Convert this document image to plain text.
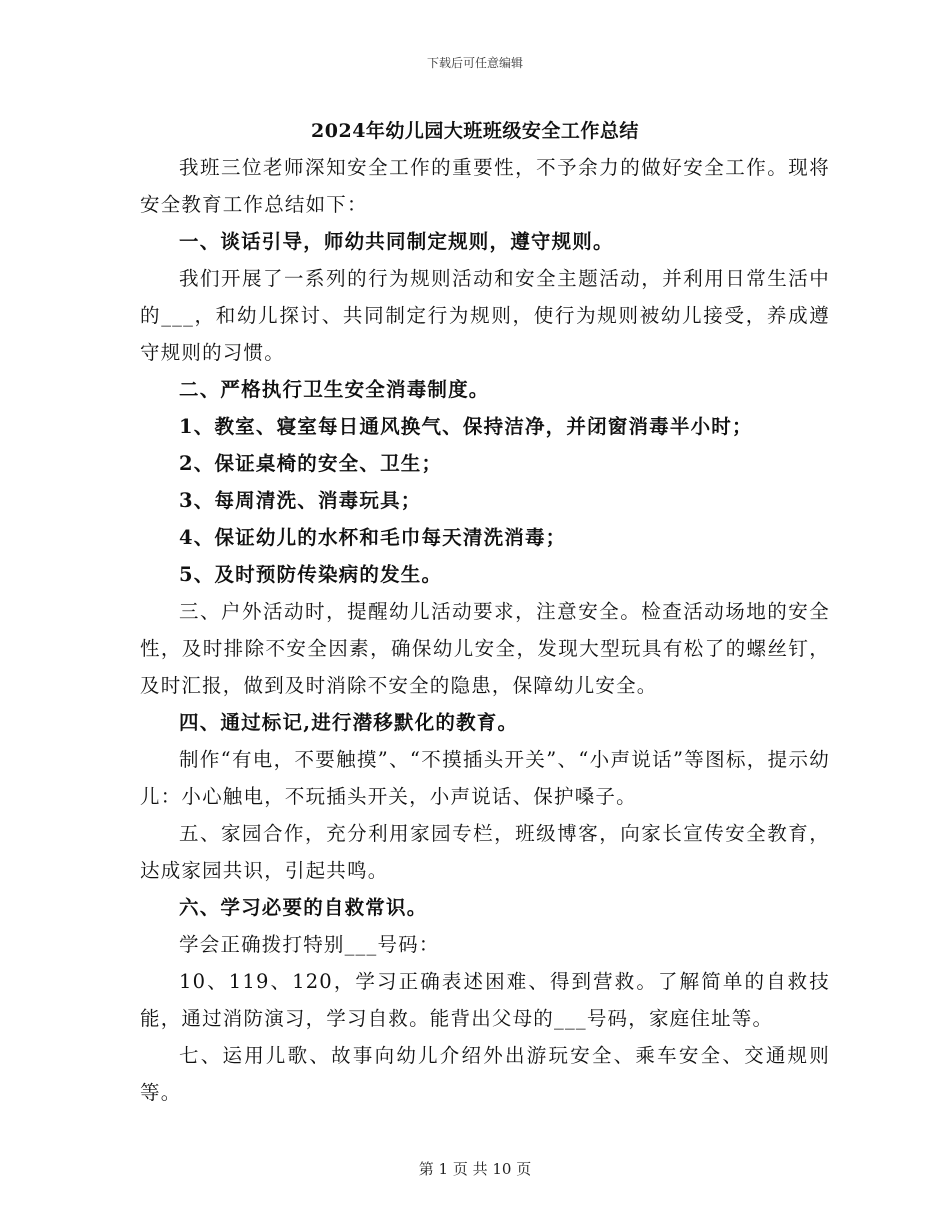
下载后可任意编辑
2024年幼儿园大班班级安全工作总结

我班三位老师深知安全工作的重要性，不予余力的做好安全工作。现将安全教育工作总结如下：

一、谈话引导，师幼共同制定规则，遵守规则。

我们开展了一系列的行为规则活动和安全主题活动，并利用日常生活中的___，和幼儿探讨、共同制定行为规则，使行为规则被幼儿接受，养成遵守规则的习惯。

二、严格执行卫生安全消毒制度。

1、教室、寝室每日通风换气、保持洁净，并闭窗消毒半小时；

2、保证桌椅的安全、卫生；

3、每周清洗、消毒玩具；

4、保证幼儿的水杯和毛巾每天清洗消毒；

5、及时预防传染病的发生。

三、户外活动时，提醒幼儿活动要求，注意安全。检查活动场地的安全性，及时排除不安全因素，确保幼儿安全，发现大型玩具有松了的螺丝钉，及时汇报，做到及时消除不安全的隐患，保障幼儿安全。

四、通过标记,进行潜移默化的教育。

制作“有电，不要触摸”、“不摸插头开关”、“小声说话”等图标，提示幼儿：小心触电，不玩插头开关，小声说话、保护嗓子。

五、家园合作，充分利用家园专栏，班级博客，向家长宣传安全教育，达成家园共识，引起共鸣。

六、学习必要的自救常识。

学会正确拨打特别___号码：

10、119、120，学习正确表述困难、得到营救。了解简单的自救技能，通过消防演习，学习自救。能背出父母的___号码，家庭住址等。

七、运用儿歌、故事向幼儿介绍外出游玩安全、乘车安全、交通规则等。

第 1 页 共 10 页
